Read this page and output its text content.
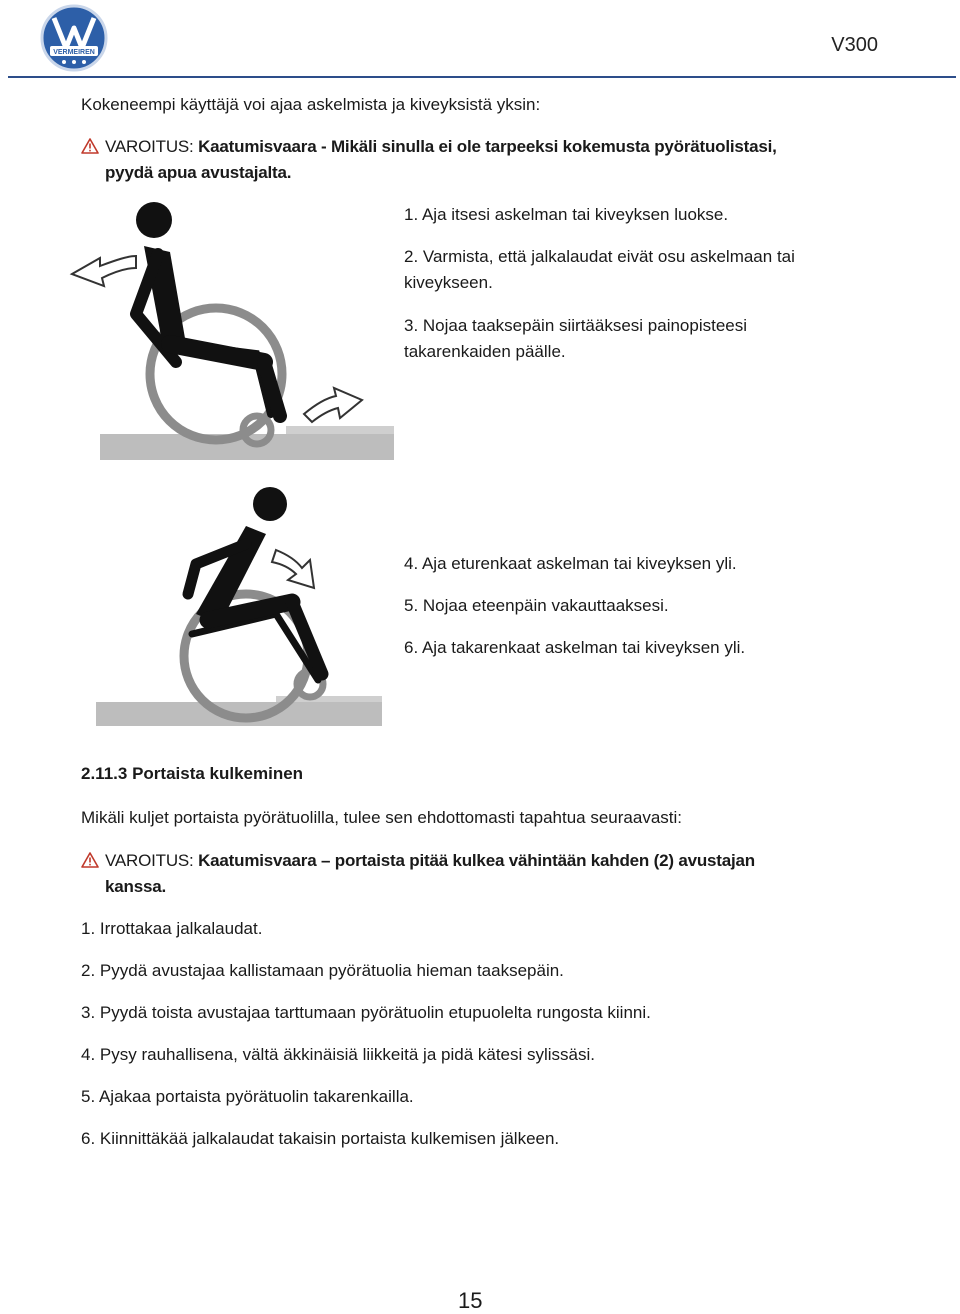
VERMEIREN	V300
Kokeneempi käyttäjä voi ajaa askelmista ja kiveyksistä yksin:
VAROITUS: Kaatumisvaara - Mikäli sinulla ei ole tarpeeksi kokemusta pyörätuolistasi,
pyydä apua avustajalta.
1. Aja itsesi askelman tai kiveyksen luokse.
2. Varmista, että jalkalaudat eivät osu askelmaan tai
kiveykseen.
3. Nojaa taaksepäin siirtääksesi painopisteesi
takarenkaiden päälle.
4. Aja eturenkaat askelman tai kiveyksen yli.
5. Nojaa eteenpäin vakauttaaksesi.
6. Aja takarenkaat askelman tai kiveyksen yli.
2.11.3 Portaista kulkeminen
Mikäli kuljet portaista pyörätuolilla, tulee sen ehdottomasti tapahtua seuraavasti:
VAROITUS: Kaatumisvaara – portaista pitää kulkea vähintään kahden (2) avustajan
kanssa.
1. Irrottakaa jalkalaudat.
2. Pyydä avustajaa kallistamaan pyörätuolia hieman taaksepäin.
3. Pyydä toista avustajaa tarttumaan pyörätuolin etupuolelta rungosta kiinni.
4. Pysy rauhallisena, vältä äkkinäisiä liikkeitä ja pidä kätesi sylissäsi.
5. Ajakaa portaista pyörätuolin takarenkailla.
6. Kiinnittäkää jalkalaudat takaisin portaista kulkemisen jälkeen.
15
